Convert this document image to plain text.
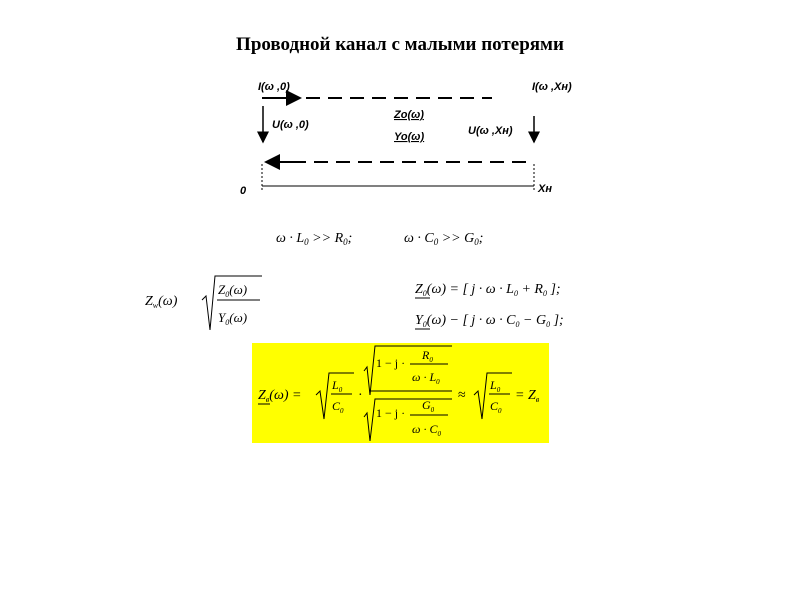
Проводной канал с малыми потерями
I(ω ,0)	I(ω ,Xн)
U(ω ,0)	U(ω ,Xн)
Zo(ω)
Yo(ω)
0	Xн
$\omega \cdot L_0 >> R_0$;	$\omega \cdot C_0 >> G_0$;
$Z_w(\omega)$
$Z_0(\omega)$
$Y_0(\omega)$
$Z_0(\omega)$ = [ $j \cdot \omega \cdot L_0 + R_0$ ];
$Y_0(\omega)$ − [ $j \cdot \omega \cdot C_0 - G_0$ ];
$Z_в(\omega)$ =
$L_0$
$C_0$
·
1 − j ·
$R_0$
$\omega \cdot L_0$
1 − j ·
$G_0$
$\omega \cdot C_0$
≈
$L_0$
$C_0$
= $Z_в$
